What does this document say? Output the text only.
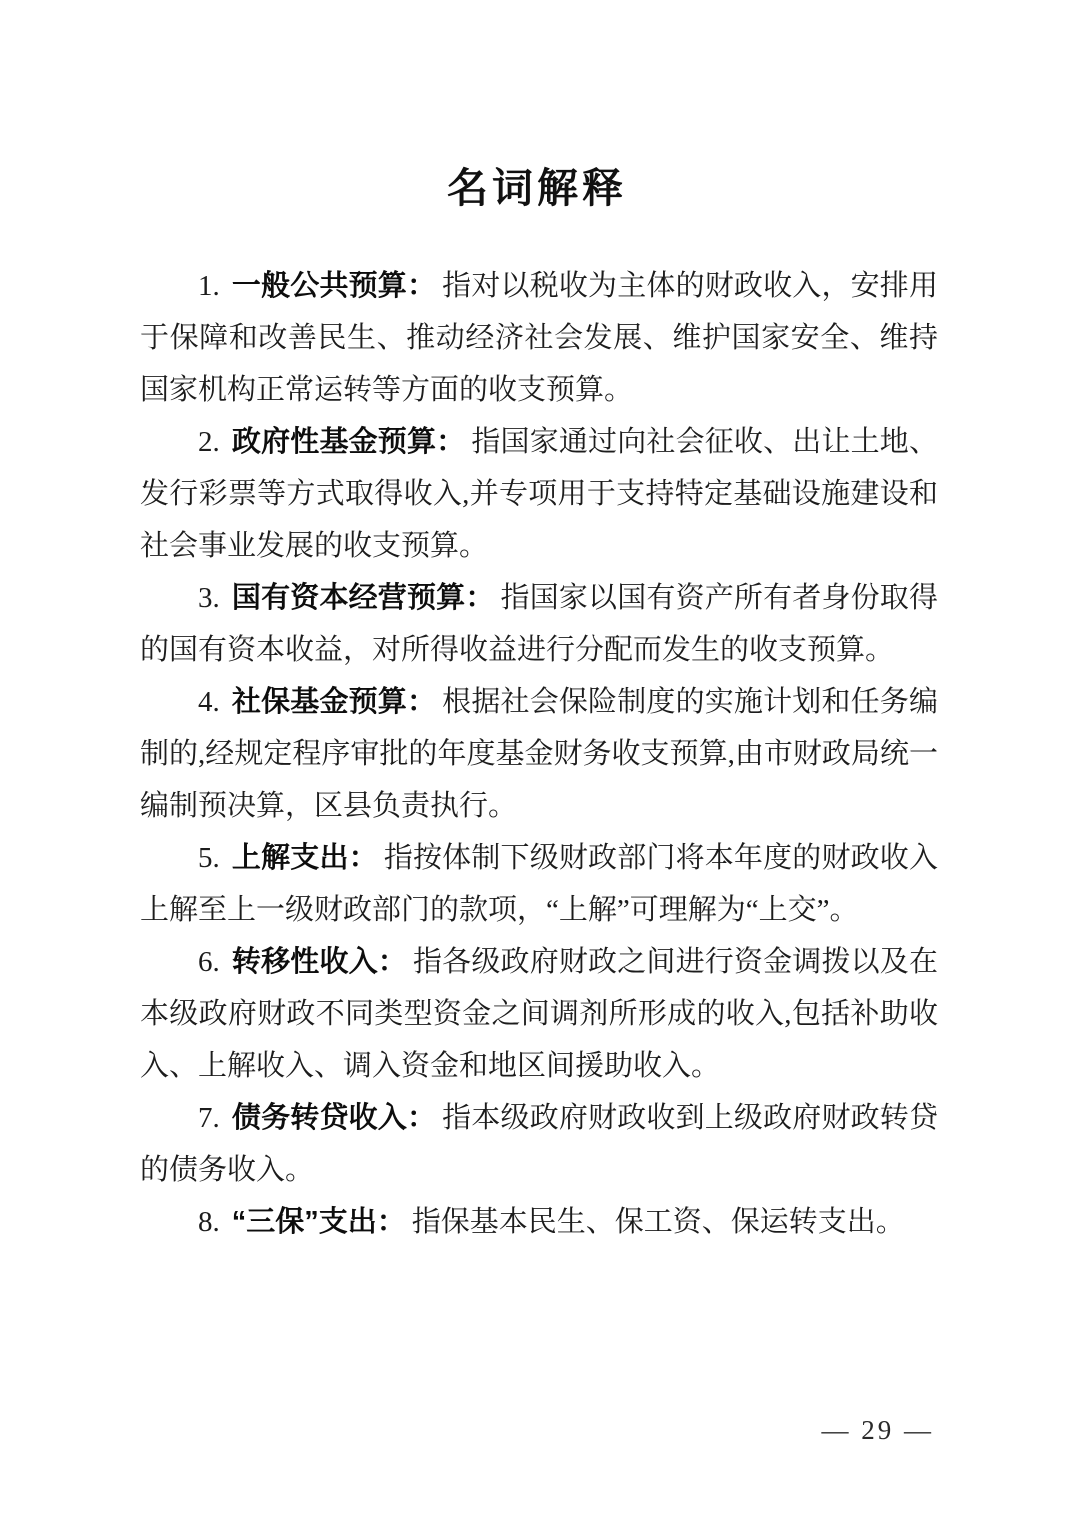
名词解释

1. 一般公共预算： 指对以税收为主体的财政收入，安排用于保障和改善民生、推动经济社会发展、维护国家安全、维持国家机构正常运转等方面的收支预算。

2. 政府性基金预算： 指国家通过向社会征收、出让土地、发行彩票等方式取得收入,并专项用于支持特定基础设施建设和社会事业发展的收支预算。

3. 国有资本经营预算： 指国家以国有资产所有者身份取得的国有资本收益，对所得收益进行分配而发生的收支预算。

4. 社保基金预算： 根据社会保险制度的实施计划和任务编制的,经规定程序审批的年度基金财务收支预算,由市财政局统一编制预决算，区县负责执行。

5. 上解支出： 指按体制下级财政部门将本年度的财政收入上解至上一级财政部门的款项，“上解”可理解为“上交”。

6. 转移性收入： 指各级政府财政之间进行资金调拨以及在本级政府财政不同类型资金之间调剂所形成的收入,包括补助收入、上解收入、调入资金和地区间援助收入。

7. 债务转贷收入： 指本级政府财政收到上级政府财政转贷的债务收入。

8. “三保”支出： 指保基本民生、保工资、保运转支出。

— 29 —
